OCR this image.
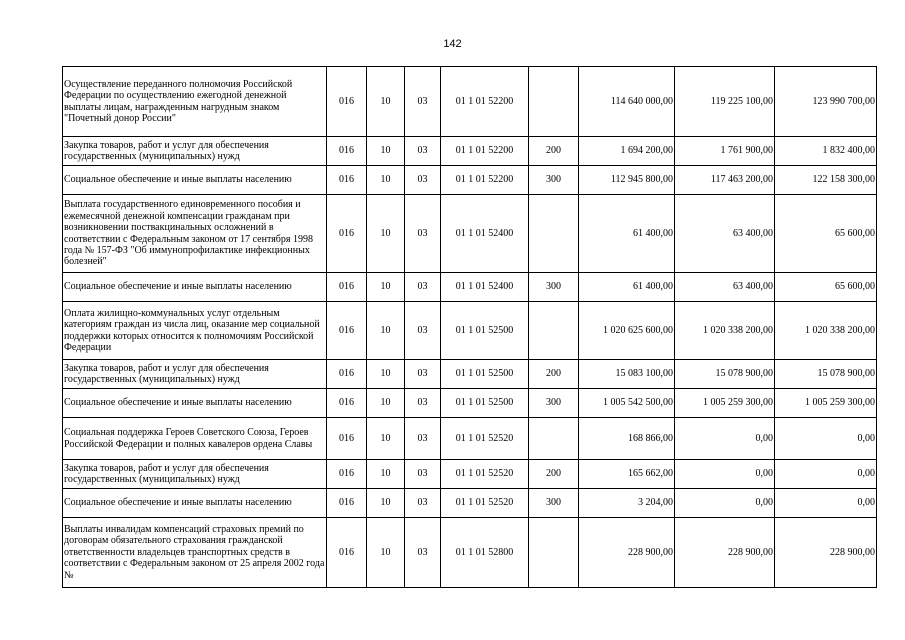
142
Осуществление переданного полномочия Российской Федерации по осуществлению ежегодной денежной выплаты лицам, награжденным нагрудным знаком "Почетный донор России"	016	10	03	01 1 01 52200		114 640 000,00	119 225 100,00	123 990 700,00
Закупка товаров, работ и услуг для обеспечения государственных (муниципальных) нужд	016	10	03	01 1 01 52200	200	1 694 200,00	1 761 900,00	1 832 400,00
Социальное обеспечение и иные выплаты населению	016	10	03	01 1 01 52200	300	112 945 800,00	117 463 200,00	122 158 300,00
Выплата государственного единовременного пособия и ежемесячной денежной компенсации гражданам при возникновении поствакцинальных осложнений в соответствии с Федеральным законом от 17 сентября 1998 года № 157-ФЗ "Об иммунопрофилактике инфекционных болезней"	016	10	03	01 1 01 52400		61 400,00	63 400,00	65 600,00
Социальное обеспечение и иные выплаты населению	016	10	03	01 1 01 52400	300	61 400,00	63 400,00	65 600,00
Оплата жилищно-коммунальных услуг отдельным категориям граждан из числа лиц, оказание мер социальной поддержки которых относится к полномочиям Российской Федерации	016	10	03	01 1 01 52500		1 020 625 600,00	1 020 338 200,00	1 020 338 200,00
Закупка товаров, работ и услуг для обеспечения государственных (муниципальных) нужд	016	10	03	01 1 01 52500	200	15 083 100,00	15 078 900,00	15 078 900,00
Социальное обеспечение и иные выплаты населению	016	10	03	01 1 01 52500	300	1 005 542 500,00	1 005 259 300,00	1 005 259 300,00
Социальная поддержка Героев Советского Союза, Героев Российской Федерации и полных кавалеров ордена Славы	016	10	03	01 1 01 52520		168 866,00	0,00	0,00
Закупка товаров, работ и услуг для обеспечения государственных (муниципальных) нужд	016	10	03	01 1 01 52520	200	165 662,00	0,00	0,00
Социальное обеспечение и иные выплаты населению	016	10	03	01 1 01 52520	300	3 204,00	0,00	0,00
Выплаты инвалидам компенсаций страховых премий по договорам обязательного страхования гражданской ответственности владельцев транспортных средств в соответствии с Федеральным законом от 25 апреля 2002 года №	016	10	03	01 1 01 52800		228 900,00	228 900,00	228 900,00
